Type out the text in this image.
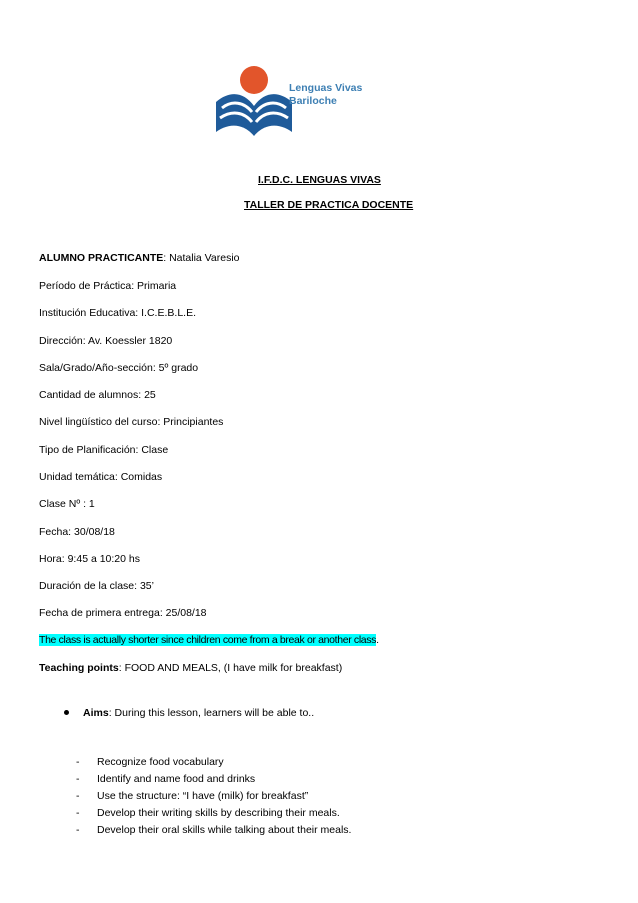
Lenguas Vivas
Bariloche
I.F.D.C. LENGUAS VIVAS
TALLER DE PRACTICA DOCENTE
ALUMNO PRACTICANTE: Natalia Varesio
Período de Práctica: Primaria
Institución Educativa: I.C.E.B.L.E.
Dirección: Av. Koessler 1820
Sala/Grado/Año-sección: 5º grado
Cantidad de alumnos: 25
Nivel lingüístico del curso: Principiantes
Tipo de Planificación: Clase
Unidad temática: Comidas
Clase Nº : 1
Fecha: 30/08/18
Hora: 9:45 a 10:20 hs
Duración de la clase: 35’
Fecha de primera entrega: 25/08/18
The class is actually shorter since children come from a break or another class.
Teaching points: FOOD AND MEALS, (I have milk for breakfast)
Aims: During this lesson, learners will be able to..
- Recognize food vocabulary
- Identify and name food and drinks
- Use the structure: “I have (milk) for breakfast”
- Develop their writing skills by describing their meals.
- Develop their oral skills while talking about their meals.
